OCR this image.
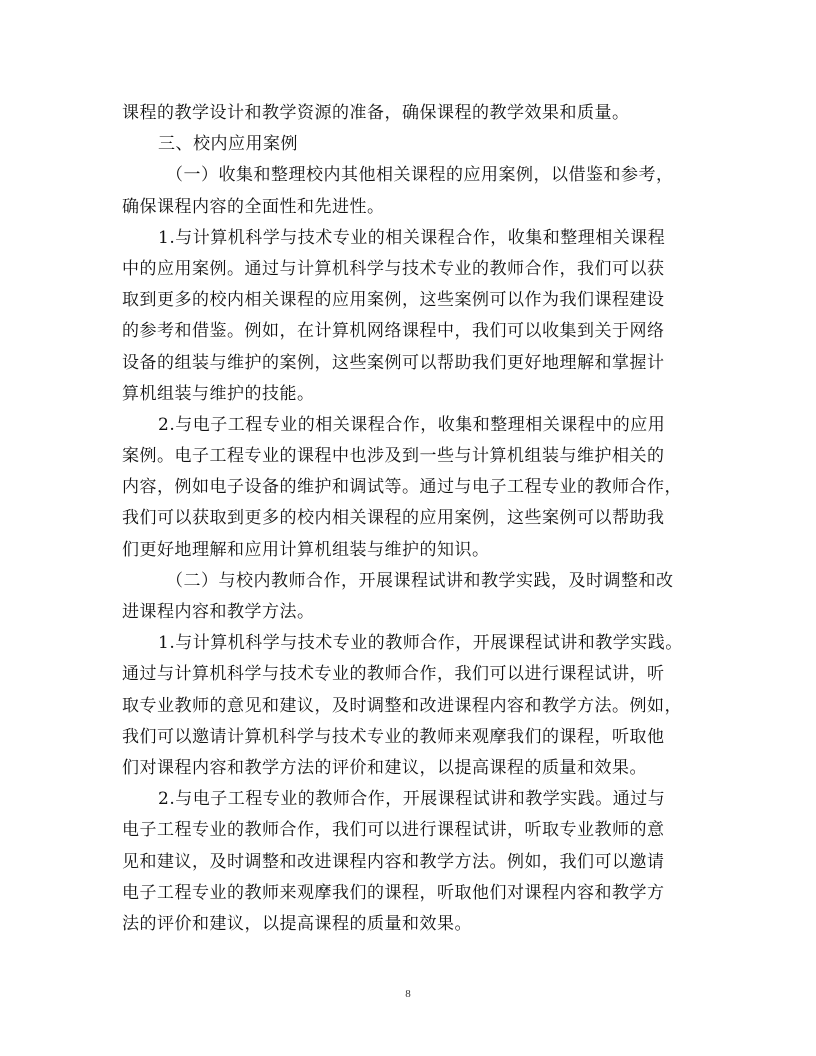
课程的教学设计和教学资源的准备，确保课程的教学效果和质量。
三、校内应用案例
（一）收集和整理校内其他相关课程的应用案例，以借鉴和参考，
确保课程内容的全面性和先进性。
1.与计算机科学与技术专业的相关课程合作，收集和整理相关课程
中的应用案例。通过与计算机科学与技术专业的教师合作，我们可以获
取到更多的校内相关课程的应用案例，这些案例可以作为我们课程建设
的参考和借鉴。例如，在计算机网络课程中，我们可以收集到关于网络
设备的组装与维护的案例，这些案例可以帮助我们更好地理解和掌握计
算机组装与维护的技能。
2.与电子工程专业的相关课程合作，收集和整理相关课程中的应用
案例。电子工程专业的课程中也涉及到一些与计算机组装与维护相关的
内容，例如电子设备的维护和调试等。通过与电子工程专业的教师合作，
我们可以获取到更多的校内相关课程的应用案例，这些案例可以帮助我
们更好地理解和应用计算机组装与维护的知识。
（二）与校内教师合作，开展课程试讲和教学实践，及时调整和改
进课程内容和教学方法。
1.与计算机科学与技术专业的教师合作，开展课程试讲和教学实践。
通过与计算机科学与技术专业的教师合作，我们可以进行课程试讲，听
取专业教师的意见和建议，及时调整和改进课程内容和教学方法。例如，
我们可以邀请计算机科学与技术专业的教师来观摩我们的课程，听取他
们对课程内容和教学方法的评价和建议，以提高课程的质量和效果。
2.与电子工程专业的教师合作，开展课程试讲和教学实践。通过与
电子工程专业的教师合作，我们可以进行课程试讲，听取专业教师的意
见和建议，及时调整和改进课程内容和教学方法。例如，我们可以邀请
电子工程专业的教师来观摩我们的课程，听取他们对课程内容和教学方
法的评价和建议，以提高课程的质量和效果。
8
